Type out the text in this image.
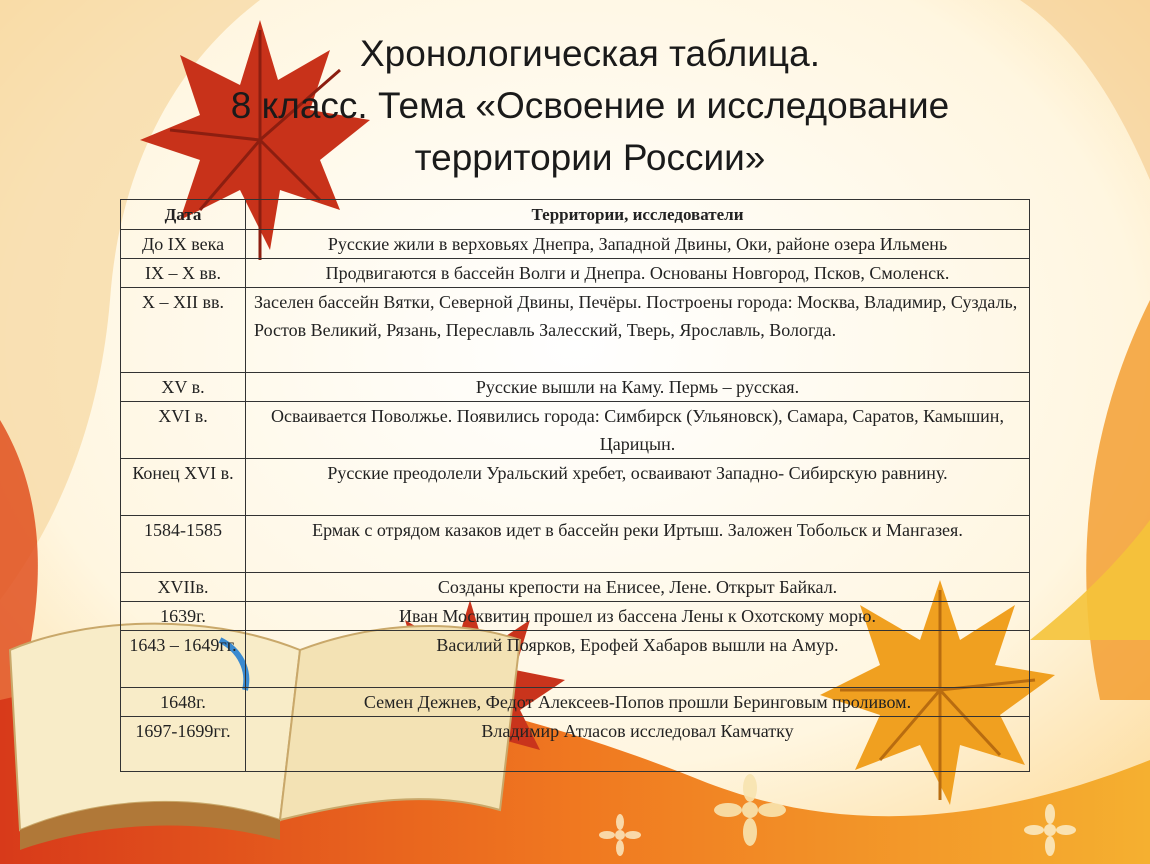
Хронологическая таблица.
8 класс. Тема «Освоение и исследование
территории России»
Дата	Территории, исследователи
До IX века	Русские жили в верховьях Днепра, Западной Двины, Оки, районе озера Ильмень
IX – X вв.	Продвигаются в бассейн Волги и Днепра. Основаны Новгород, Псков, Смоленск.
X – XII вв.	Заселен бассейн Вятки, Северной Двины, Печёры. Построены города: Москва, Владимир, Суздаль, Ростов Великий, Рязань, Переславль Залесский, Тверь, Ярославль, Вологда.
XV в.	Русские вышли на Каму. Пермь – русская.
XVI в.	Осваивается Поволжье. Появились города: Симбирск (Ульяновск), Самара, Саратов, Камышин, Царицын.
Конец XVI в.	Русские преодолели Уральский хребет, осваивают Западно- Сибирскую равнину.
1584-1585	Ермак с отрядом казаков идет в бассейн реки Иртыш. Заложен Тобольск и Мангазея.
XVIIв.	Созданы крепости на Енисее, Лене. Открыт Байкал.
1639г.	Иван Москвитин прошел из бассена Лены к Охотскому морю.
1643 – 1649гг.	Василий Поярков, Ерофей Хабаров вышли на Амур.
1648г.	Семен Дежнев, Федот Алексеев-Попов прошли Беринговым проливом.
1697-1699гг.	Владимир Атласов исследовал Камчатку
